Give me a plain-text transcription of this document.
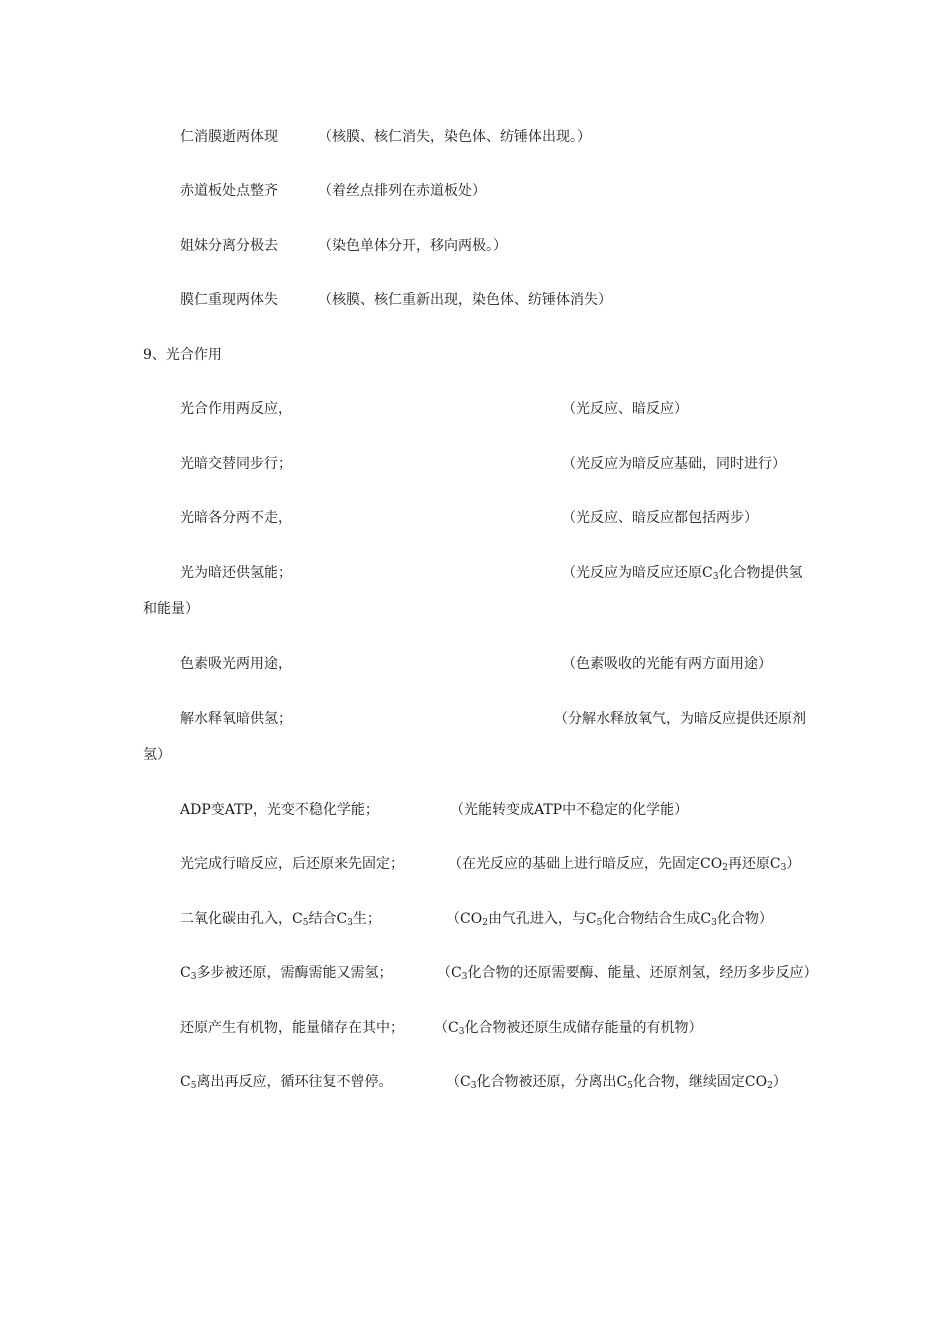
仁消膜逝两体现	（核膜、核仁消失，染色体、纺锤体出现。）
赤道板处点整齐	（着丝点排列在赤道板处）
姐妹分离分极去	（染色单体分开，移向两极。）
膜仁重现两体失	（核膜、核仁重新出现，染色体、纺锤体消失）
9、光合作用
光合作用两反应，	（光反应、暗反应）
光暗交替同步行；	（光反应为暗反应基础，同时进行）
光暗各分两不走，	（光反应、暗反应都包括两步）
光为暗还供氢能；	（光反应为暗反应还原$C_3$化合物提供氢
和能量）
色素吸光两用途，	（色素吸收的光能有两方面用途）
解水释氧暗供氢；	（分解水释放氧气，为暗反应提供还原剂
氢）
ADP变ATP，光变不稳化学能；	（光能转变成ATP中不稳定的化学能）
光完成行暗反应，后还原来先固定；	（在光反应的基础上进行暗反应，先固定$CO_2$再还原$C_3$）
二氧化碳由孔入，$C_5$结合$C_3$生；	（$CO_2$由气孔进入，与$C_5$化合物结合生成$C_3$化合物）
$C_3$多步被还原，需酶需能又需氢；	（$C_3$化合物的还原需要酶、能量、还原剂氢，经历多步反应）
还原产生有机物，能量储存在其中； （$C_3$化合物被还原生成储存能量的有机物）
$C_5$离出再反应，循环往复不曾停。	（$C_3$化合物被还原，分离出$C_5$化合物，继续固定$CO_2$）
